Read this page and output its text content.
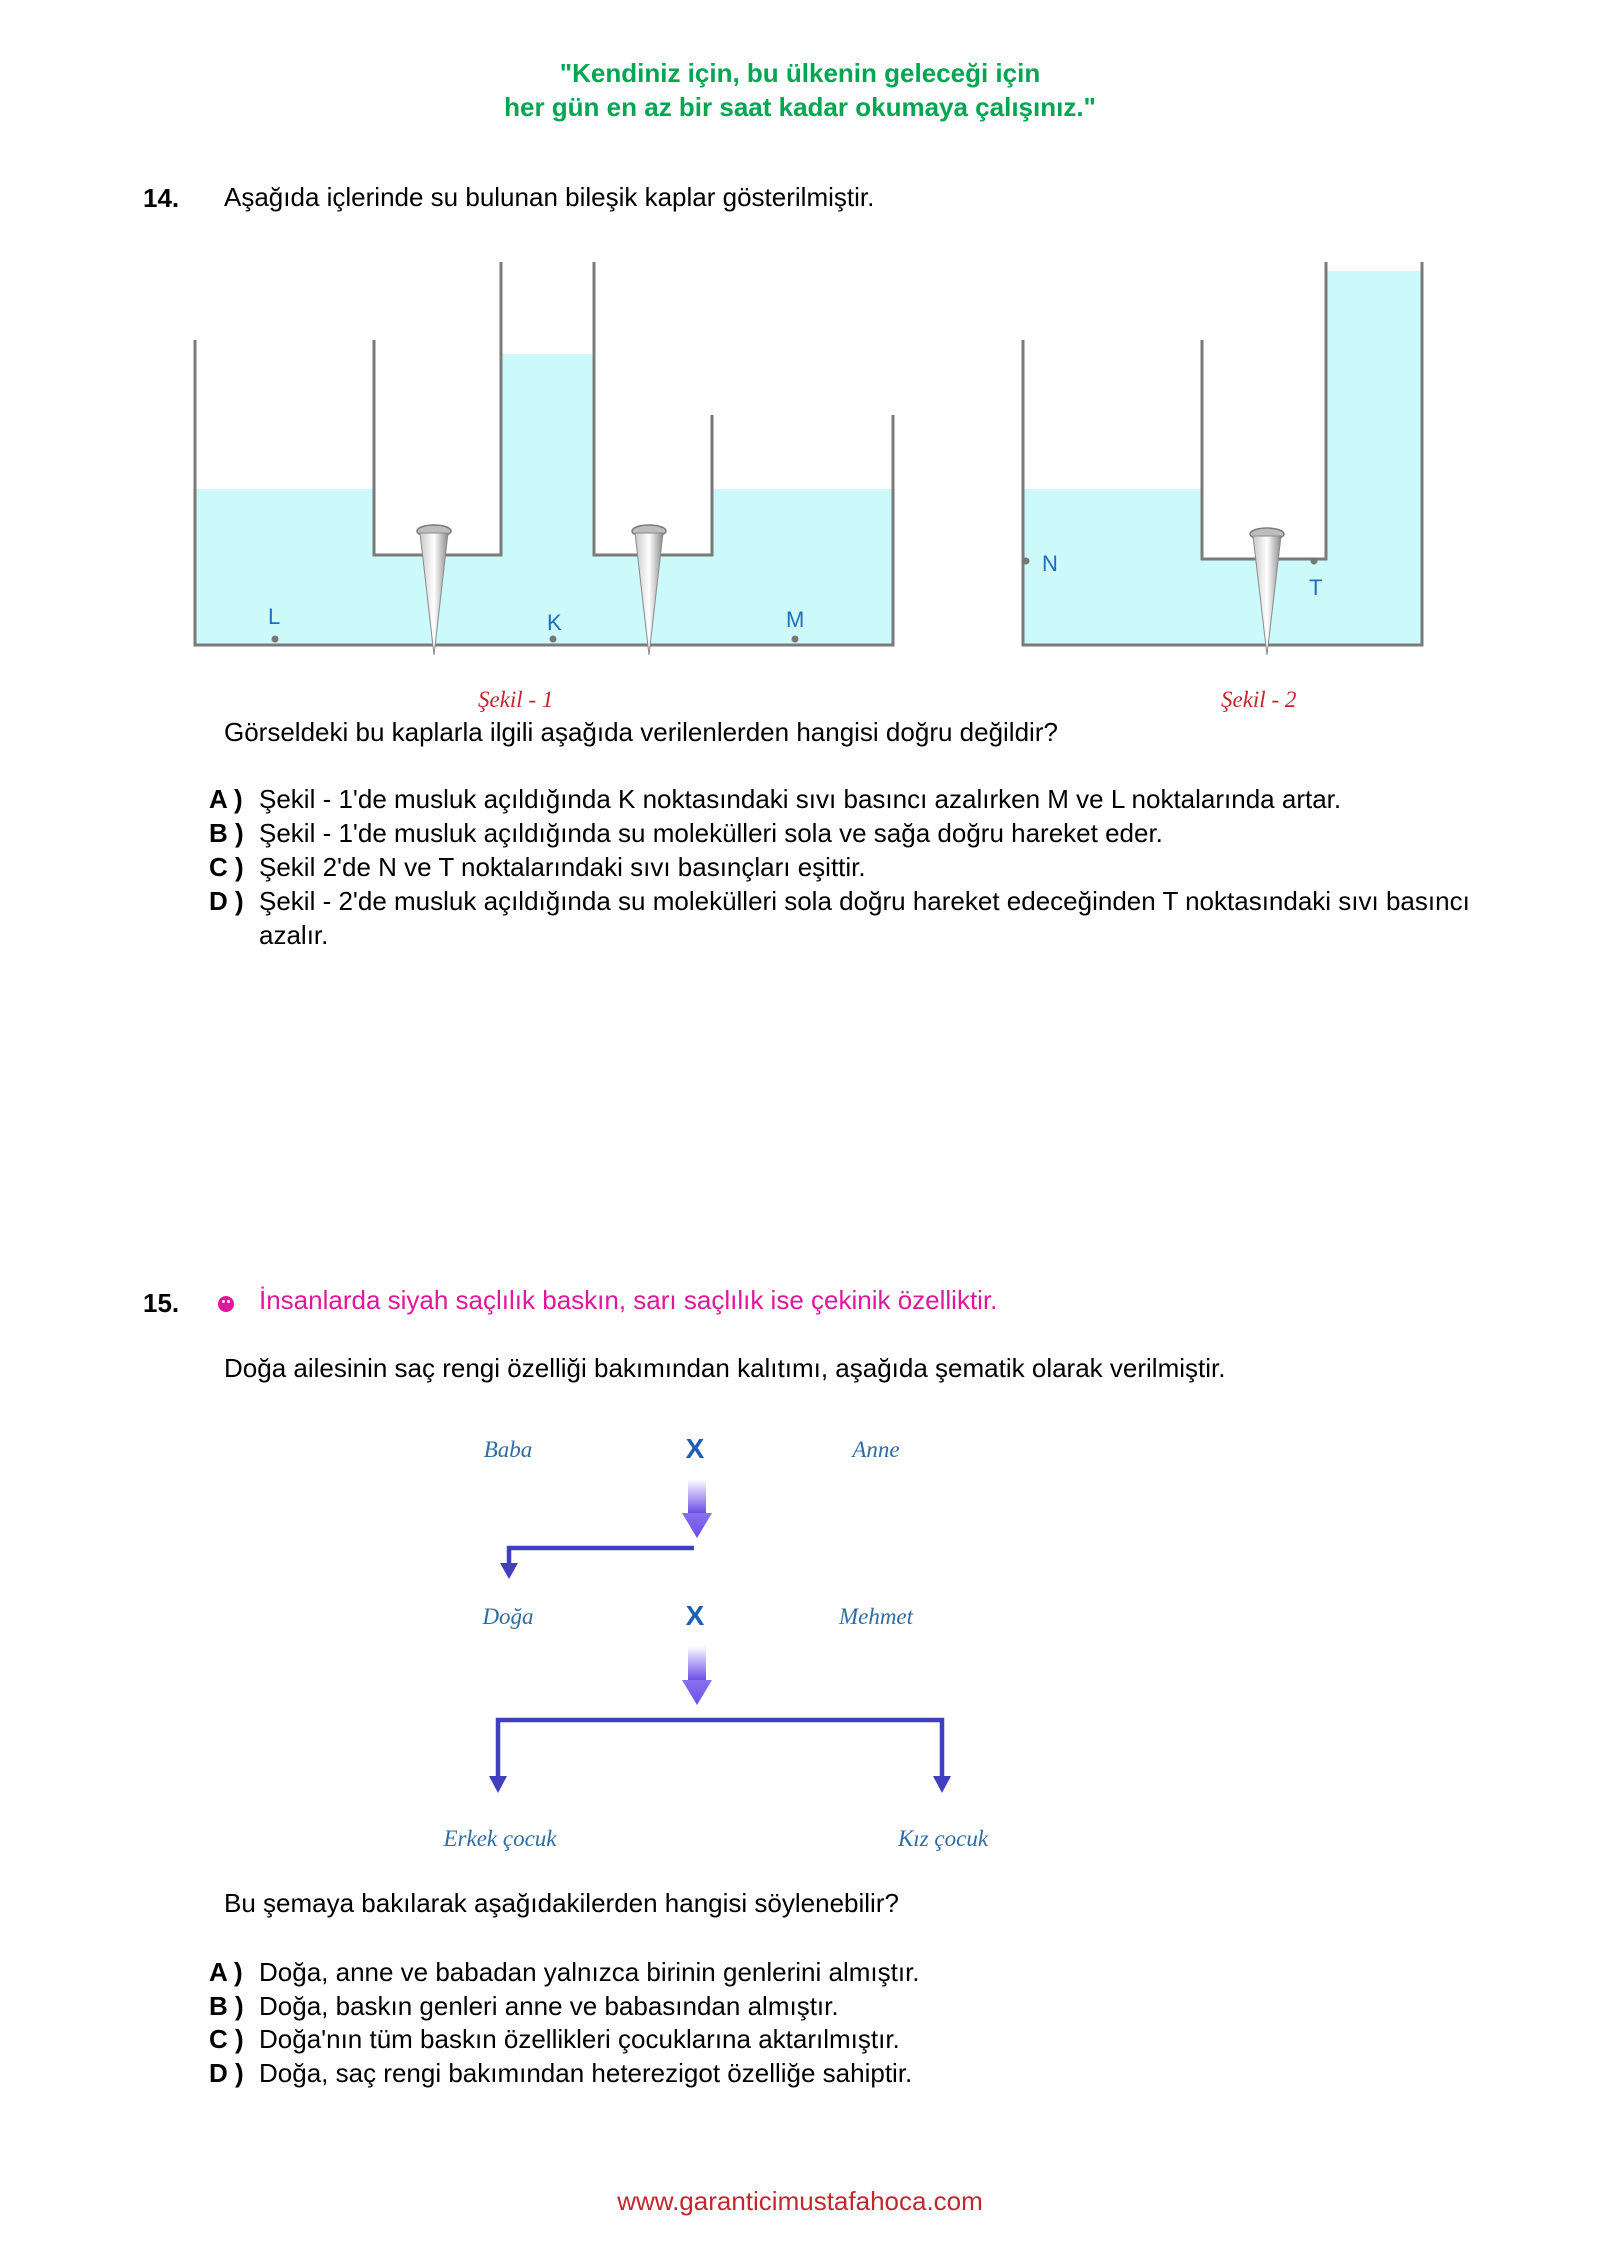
"Kendiniz için, bu ülkenin geleceği için
her gün en az bir saat kadar okumaya çalışınız."
14. Aşağıda içlerinde su bulunan bileşik kaplar gösterilmiştir.
L	K	M
N
T
Şekil - 1	Şekil - 2
Görseldeki bu kaplarla ilgili aşağıda verilenlerden hangisi doğru değildir?
A ) Şekil - 1'de musluk açıldığında K noktasındaki sıvı basıncı azalırken M ve L noktalarında artar.
B ) Şekil - 1'de musluk açıldığında su molekülleri sola ve sağa doğru hareket eder.
C ) Şekil 2'de N ve T noktalarındaki sıvı basınçları eşittir.
D ) Şekil - 2'de musluk açıldığında su molekülleri sola doğru hareket edeceğinden T noktasındaki sıvı basıncı azalır.
15.	İnsanlarda siyah saçlılık baskın, sarı saçlılık ise çekinik özelliktir.
Doğa ailesinin saç rengi özelliği bakımından kalıtımı, aşağıda şematik olarak verilmiştir.
Baba	X	Anne
Doğa	X	Mehmet
Erkek çocuk	Kız çocuk
Bu şemaya bakılarak aşağıdakilerden hangisi söylenebilir?
A ) Doğa, anne ve babadan yalnızca birinin genlerini almıştır.
B ) Doğa, baskın genleri anne ve babasından almıştır.
C ) Doğa'nın tüm baskın özellikleri çocuklarına aktarılmıştır.
D ) Doğa, saç rengi bakımından heterezigot özelliğe sahiptir.
www.garanticimustafahoca.com
